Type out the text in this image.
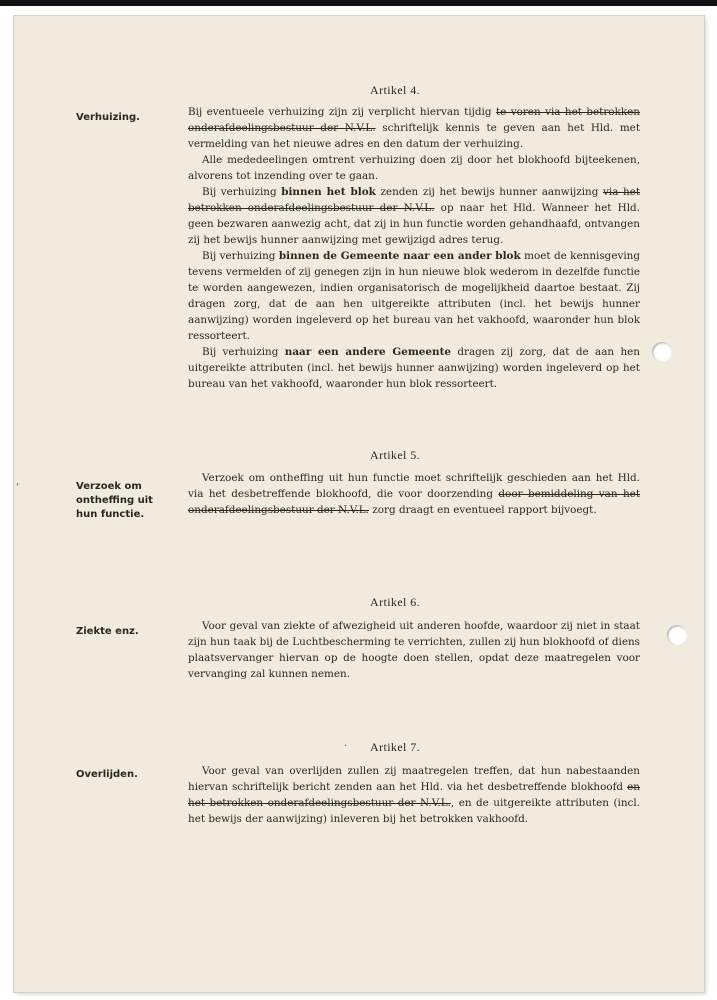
'
.
Artikel 4.
Verhuizing.	Bij eventueele verhuizing zijn zij verplicht hiervan tijdig te voren via het betrokken onderafdeelingsbestuur der N.V.L. schriftelijk kennis te geven aan het Hld. met vermelding van het nieuwe adres en den datum der verhuizing.

Alle mededeelingen omtrent verhuizing doen zij door het blokhoofd bijteekenen, alvorens tot inzending over te gaan.

Bij verhuizing binnen het blok zenden zij het bewijs hunner aanwijzing via het betrokken onderafdeelingsbestuur der N.V.L. op naar het Hld. Wanneer het Hld. geen bezwaren aanwezig acht, dat zij in hun functie worden gehandhaafd, ontvangen zij het bewijs hunner aanwijzing met gewijzigd adres terug.

Bij verhuizing binnen de Gemeente naar een ander blok moet de kennisgeving tevens vermelden of zij genegen zijn in hun nieuwe blok wederom in dezelfde functie te worden aangewezen, indien organisatorisch de mogelijkheid daartoe bestaat. Zij dragen zorg, dat de aan hen uitgereikte attributen (incl. het bewijs hunner aanwijzing) worden ingeleverd op het bureau van het vakhoofd, waaronder hun blok ressorteert.

Bij verhuizing naar een andere Gemeente dragen zij zorg, dat de aan hen uitgereikte attributen (incl. het bewijs hunner aanwijzing) worden ingeleverd op het bureau van het vakhoofd, waaronder hun blok ressorteert.

Artikel 5.
Verzoek om ontheffing uit hun functie.

Verzoek om ontheffing uit hun functie moet schriftelijk geschieden aan het Hld. via het desbetreffende blokhoofd, die voor doorzending door bemiddeling van het onderafdeelingsbestuur der N.V.L. zorg draagt en eventueel rapport bijvoegt.

Artikel 6.
Ziekte enz.	Voor geval van ziekte of afwezigheid uit anderen hoofde, waardoor zij niet in staat zijn hun taak bij de Luchtbescherming te verrichten, zullen zij hun blokhoofd of diens plaatsvervanger hiervan op de hoogte doen stellen, opdat deze maatregelen voor vervanging zal kunnen nemen.

Artikel 7.
Overlijden.	Voor geval van overlijden zullen zij maatregelen treffen, dat hun nabestaanden hiervan schriftelijk bericht zenden aan het Hld. via het desbetreffende blokhoofd en het betrokken onderafdeelingsbestuur der N.V.L., en de uitgereikte attributen (incl. het bewijs der aanwijzing) inleveren bij het betrokken vakhoofd.
